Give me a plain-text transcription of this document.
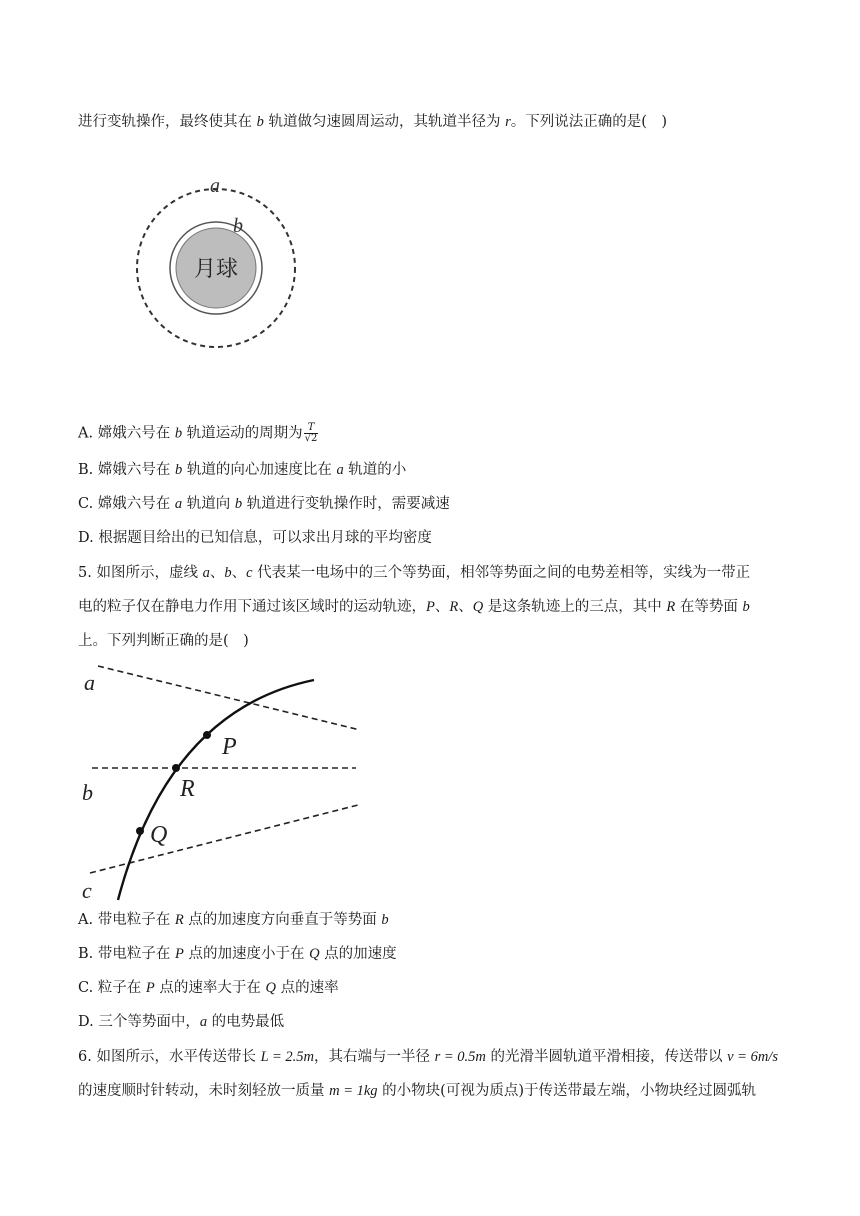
进行变轨操作，最终使其在 b 轨道做匀速圆周运动，其轨道半径为 r。下列说法正确的是(　)
月球
a
b
A. 嫦娥六号在 b 轨道运动的周期为 $\frac{T}{√2}$
B. 嫦娥六号在 b 轨道的向心加速度比在 a 轨道的小
C. 嫦娥六号在 a 轨道向 b 轨道进行变轨操作时，需要减速
D. 根据题目给出的已知信息，可以求出月球的平均密度
5. 如图所示，虚线 a、b、c 代表某一电场中的三个等势面，相邻等势面之间的电势差相等，实线为一带正
电的粒子仅在静电力作用下通过该区域时的运动轨迹，P、R、Q 是这条轨迹上的三点，其中 R 在等势面 b
上。下列判断正确的是(　)
a
b
c
P
R
Q
A. 带电粒子在 R 点的加速度方向垂直于等势面 b
B. 带电粒子在 P 点的加速度小于在 Q 点的加速度
C. 粒子在 P 点的速率大于在 Q 点的速率
D. 三个等势面中，a 的电势最低
6. 如图所示，水平传送带长 L = 2.5m，其右端与一半径 r = 0.5m 的光滑半圆轨道平滑相接，传送带以 v = 6m/s
的速度顺时针转动，未时刻轻放一质量 m = 1kg 的小物块(可视为质点)于传送带最左端，小物块经过圆弧轨
